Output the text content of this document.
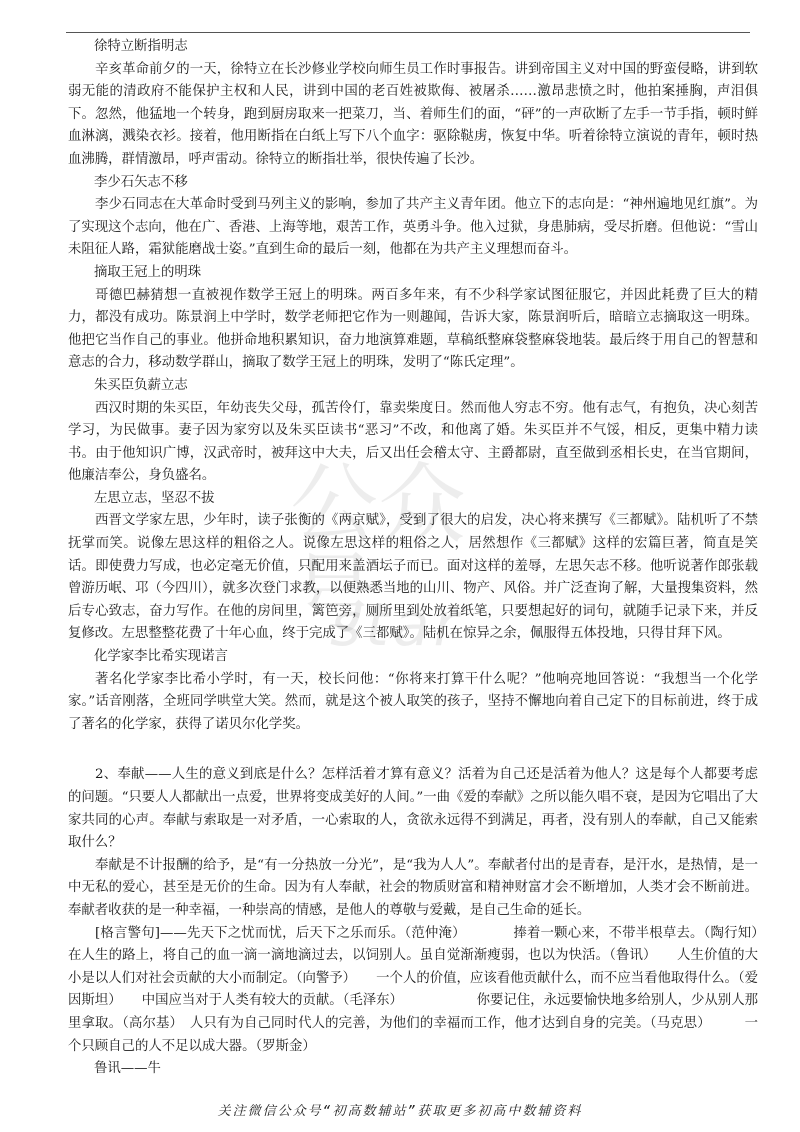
公众号
star

徐特立断指明志

辛亥革命前夕的一天，徐特立在长沙修业学校向师生员工作时事报告。讲到帝国主义对中国的野蛮侵略，讲到软弱无能的清政府不能保护主权和人民，讲到中国的老百姓被欺侮、被屠杀……激昂悲愤之时，他拍案捶胸，声泪俱下。忽然，他猛地一个转身，跑到厨房取来一把菜刀，当、着师生们的面，“砰”的一声砍断了左手一节手指，顿时鲜血淋漓，溅染衣衫。接着，他用断指在白纸上写下八个血字：驱除鞑虏，恢复中华。听着徐特立演说的青年，顿时热血沸腾，群情激昂，呼声雷动。徐特立的断指壮举，很快传遍了长沙。

李少石矢志不移

李少石同志在大革命时受到马列主义的影响，参加了共产主义青年团。他立下的志向是：“神州遍地见红旗”。为了实现这个志向，他在广、香港、上海等地，艰苦工作，英勇斗争。他入过狱，身患肺病，受尽折磨。但他说：“雪山未阻征人路，霜狱能磨战士姿。”直到生命的最后一刻，他都在为共产主义理想而奋斗。

摘取王冠上的明珠

哥德巴赫猜想一直被视作数学王冠上的明珠。两百多年来，有不少科学家试图征服它，并因此耗费了巨大的精力，都没有成功。陈景润上中学时，数学老师把它作为一则趣闻，告诉大家，陈景润听后，暗暗立志摘取这一明珠。他把它当作自己的事业。他拼命地积累知识，奋力地演算难题，草稿纸整麻袋整麻袋地装。最后终于用自己的智慧和意志的合力，移动数学群山，摘取了数学王冠上的明珠，发明了“陈氏定理”。

朱买臣负薪立志

西汉时期的朱买臣，年幼丧失父母，孤苦伶仃，靠卖柴度日。然而他人穷志不穷。他有志气，有抱负，决心刻苦学习，为民做事。妻子因为家穷以及朱买臣读书“恶习”不改，和他离了婚。朱买臣并不气馁，相反，更集中精力读书。由于他知识广博，汉武帝时，被拜这中大夫，后又出任会稽太守、主爵都尉，直至做到丞相长史，在当官期间，他廉洁奉公，身负盛名。

左思立志，坚忍不拔

西晋文学家左思，少年时，读子张衡的《两京赋》，受到了很大的启发，决心将来撰写《三都赋》。陆机听了不禁抚掌而笑。说像左思这样的粗俗之人。说像左思这样的粗俗之人，居然想作《三都赋》这样的宏篇巨著，简直是笑话。即使费力写成，也必定毫无价值，只配用来盖酒坛子而已。面对这样的羞辱，左思矢志不移。他听说著作郎张载曾游历岷、邛（今四川），就多次登门求教，以便熟悉当地的山川、物产、风俗。并广泛查询了解，大量搜集资料，然后专心致志，奋力写作。在他的房间里，篱笆旁，厕所里到处放着纸笔，只要想起好的词句，就随手记录下来，并反复修改。左思整整花费了十年心血，终于完成了《三都赋》。陆机在惊异之余，佩服得五体投地，只得甘拜下风。

化学家李比希实现诺言

著名化学家李比希小学时，有一天，校长问他：“你将来打算干什么呢？”他响亮地回答说：“我想当一个化学家。”话音刚落，全班同学哄堂大笑。然而，就是这个被人取笑的孩子，坚持不懈地向着自己定下的目标前进，终于成了著名的化学家，获得了诺贝尔化学奖。

2、奉献——人生的意义到底是什么？怎样活着才算有意义？活着为自己还是活着为他人？这是每个人都要考虑的问题。“只要人人都献出一点爱，世界将变成美好的人间。”一曲《爱的奉献》之所以能久唱不衰，是因为它唱出了大家共同的心声。奉献与索取是一对矛盾，一心索取的人，贪欲永远得不到满足，再者，没有别人的奉献，自己又能索取什么？

奉献是不计报酬的给予，是“有一分热放一分光”，是“我为人人”。奉献者付出的是青春，是汗水，是热情，是一中无私的爱心，甚至是无价的生命。因为有人奉献，社会的物质财富和精神财富才会不断增加，人类才会不断前进。奉献者收获的是一种幸福，一种崇高的情感，是他人的尊敬与爱戴，是自己生命的延长。

[格言警句]——先天下之忧而忧，后天下之乐而乐。（范仲淹）　　　　捧着一颗心来，不带半根草去。（陶行知）　在人生的路上，将自己的血一滴一滴地滴过去，以饲别人。虽自觉渐渐瘦弱，也以为快活。（鲁讯）　　人生价值的大小是以人们对社会贡献的大小而制定。（向警予）　　一个人的价值，应该看他贡献什么，而不应当看他取得什么。（爱因斯坦）　　中国应当对于人类有较大的贡献。（毛泽东）　　　　　　你要记住，永远要愉快地多给别人，少从别人那里拿取。（高尔基）　人只有为自己同时代人的完善，为他们的幸福而工作，他才达到自身的完美。（马克思）　　　一个只顾自己的人不足以成大器。（罗斯金）

鲁讯——牛

关注微信公众号“初高数辅站”获取更多初高中数辅资料
